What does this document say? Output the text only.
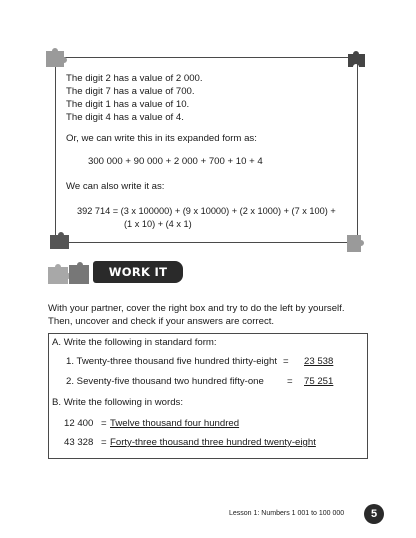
The digit 2 has a value of 2 000.
The digit 7 has a value of 700.
The digit 1 has a value of 10.
The digit 4 has a value of 4.
Or, we can write this in its expanded form as:
300 000 + 90 000 + 2 000 + 700 + 10 + 4
We can also write it as:
392 714 = (3 x 100000) + (9 x 10000) + (2 x 1000) + (7 x 100) +
(1 x 10) + (4 x 1)
WORK IT OUT
With your partner, cover the right box and try to do the left by yourself.
Then, uncover and check if your answers are correct.
A. Write the following in standard form:
1. Twenty-three thousand five hundred thirty-eight = 23 538
2. Seventy-five thousand two hundred fifty-one = 75 251
B. Write the following in words:
12 400 = Twelve thousand four hundred
43 328 = Forty-three thousand three hundred twenty-eight
Lesson 1: Numbers 1 001 to 100 000	5
